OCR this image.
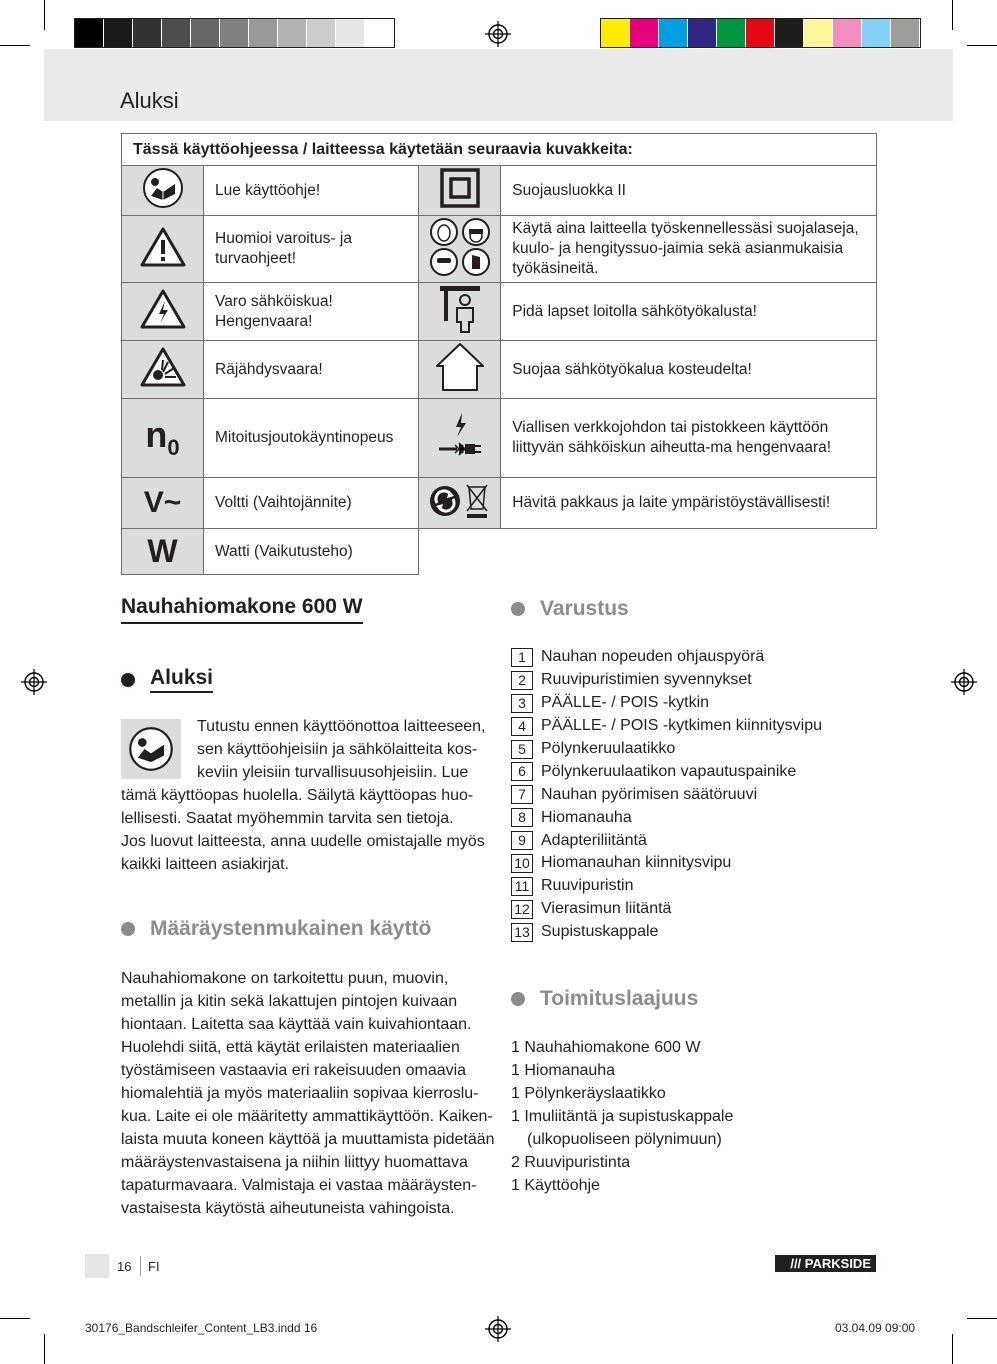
Aluksi
Tässä käyttöohjeessa / laitteessa käytetään seuraavia kuvakkeita:			
	Lue käyttöohje!		Suojausluokka II
	Huomioi varoitus- ja turvaohjeet!		Käytä aina laitteella työskennellessäsi suojalaseja, kuulo- ja hengityssuo-jaimia sekä asianmukaisia työkäsineitä.
	Varo sähköiskua! Hengenvaara!		Pidä lapset loitolla sähkötyökalusta!
	Räjähdysvaara!		Suojaa sähkötyökalua kosteudelta!
$n_0$	Mitoitusjoutokäyntinopeus		Viallisen verkkojohdon tai pistokkeen käyttöön liittyvän sähköiskun aiheutta-ma hengenvaara!
V~	Voltti (Vaihtojännite)		Hävitä pakkaus ja laite ympäristöystävällisesti!
W	Watti (Vaikutusteho)		
Nauhahiomakone 600 W
Aluksi
Tutustu ennen käyttöönottoa laitteeseen,
sen käyttöohjeisiin ja sähkölaitteita kos-
keviin yleisiin turvallisuusohjeisiin. Lue
tämä käyttöopas huolella. Säilytä käyttöopas huo-
lellisesti. Saatat myöhemmin tarvita sen tietoja.
Jos luovut laitteesta, anna uudelle omistajalle myös
kaikki laitteen asiakirjat.
Määräystenmukainen käyttö
Nauhahiomakone on tarkoitettu puun, muovin,
metallin ja kitin sekä lakattujen pintojen kuivaan
hiontaan. Laitetta saa käyttää vain kuivahiontaan.
Huolehdi siitä, että käytät erilaisten materiaalien
työstämiseen vastaavia eri rakeisuuden omaavia
hiomalehtiä ja myös materiaaliin sopivaa kierroslu-
kua. Laite ei ole määritetty ammattikäyttöön. Kaiken-
laista muuta koneen käyttöä ja muuttamista pidetään
määräystenvastaisena ja niihin liittyy huomattava
tapaturmavaara. Valmistaja ei vastaa määräysten-
vastaisesta käytöstä aiheutuneista vahingoista.
Varustus
1 Nauhan nopeuden ohjauspyörä
2 Ruuvipuristimien syvennykset
3 PÄÄLLE- / POIS -kytkin
4 PÄÄLLE- / POIS -kytkimen kiinnitysvipu
5 Pölynkeruulaatikko
6 Pölynkeruulaatikon vapautuspainike
7 Nauhan pyörimisen säätöruuvi
8 Hiomanauha
9 Adapteriliitäntä
10 Hiomanauhan kiinnitysvipu
11 Ruuvipuristin
12 Vierasimun liitäntä
13 Supistuskappale
Toimituslaajuus
1 Nauhahiomakone 600 W
1 Hiomanauha
1 Pölynkeräyslaatikko
1 Imuliitäntä ja supistuskappale
(ulkopuoliseen pölynimuun)
2 Ruuvipuristinta
1 Käyttöohje
16 FI	/// PARKSIDE
30176_Bandschleifer_Content_LB3.indd 16	03.04.09 09:00
